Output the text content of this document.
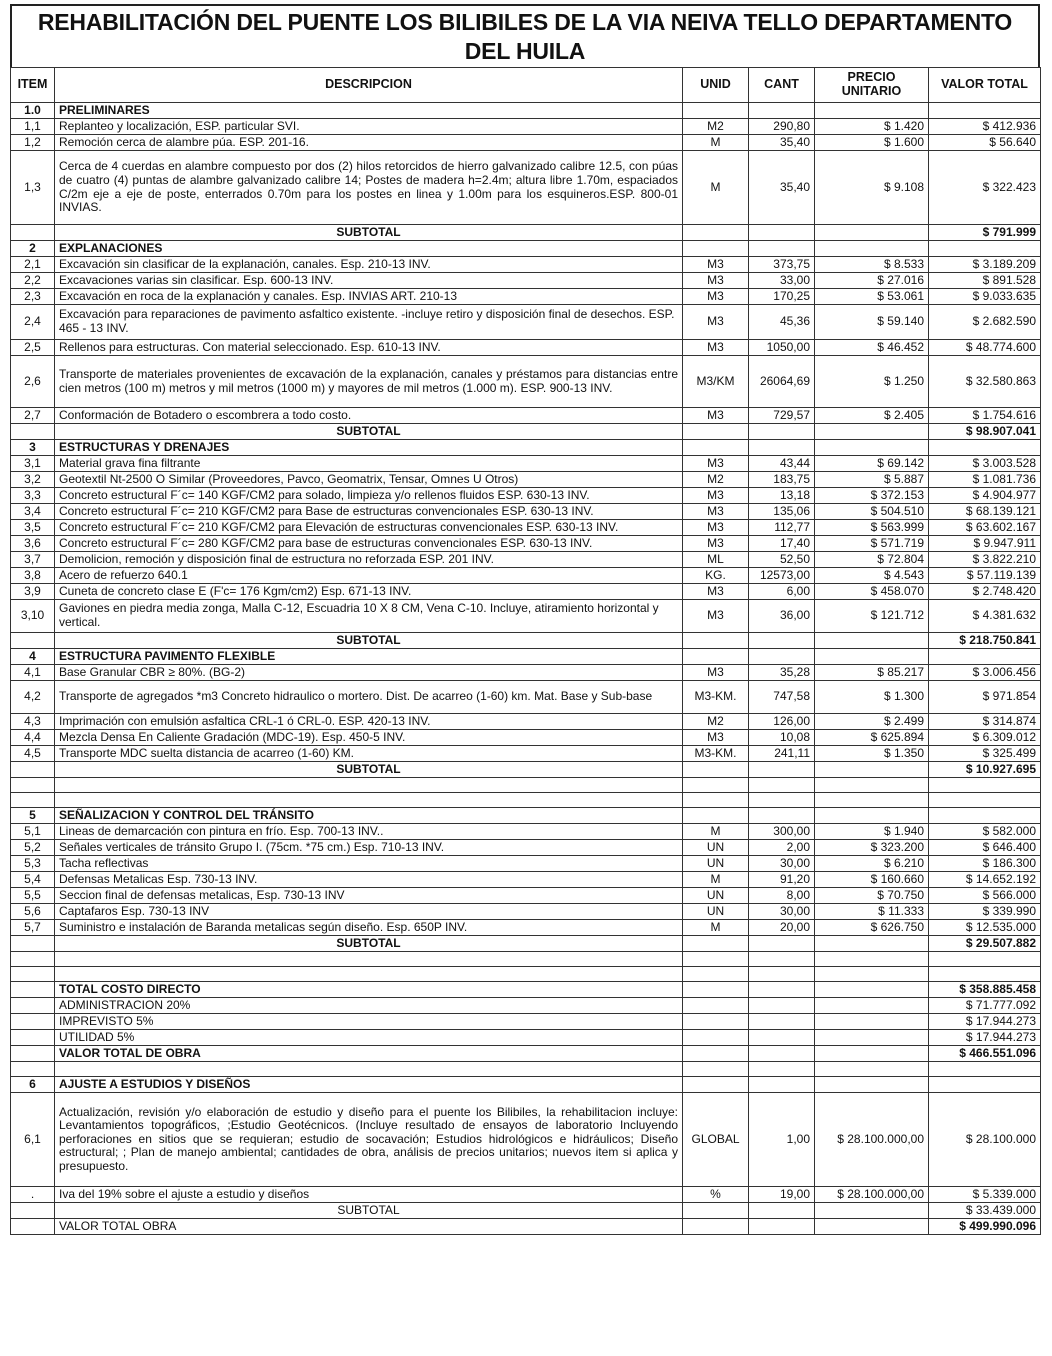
REHABILITACIÓN DEL PUENTE LOS BILIBILES DE LA VIA NEIVA TELLO DEPARTAMENTO DEL HUILA
ITEM	DESCRIPCION	UNID	CANT	PRECIO UNITARIO	VALOR TOTAL
1.0	PRELIMINARES				
1,1	Replanteo y localización, ESP. particular SVI.	M2	290,80	$ 1.420	$ 412.936
1,2	Remoción cerca de alambre púa. ESP. 201-16.	M	35,40	$ 1.600	$ 56.640
1,3	Cerca de 4 cuerdas en alambre compuesto por dos (2) hilos retorcidos de hierro galvanizado calibre 12.5, con púas de cuatro (4) puntas de alambre galvanizado calibre 14; Postes de madera h=2.4m; altura libre 1.70m, espaciados C/2m eje a eje de poste, enterrados 0.70m para los postes en linea y 1.00m para los esquineros.ESP. 800-01 INVIAS.	M	35,40	$ 9.108	$ 322.423
	SUBTOTAL				$ 791.999
2	EXPLANACIONES				
2,1	Excavación sin clasificar de la explanación, canales. Esp. 210-13 INV.	M3	373,75	$ 8.533	$ 3.189.209
2,2	Excavaciones varias sin clasificar. Esp. 600-13 INV.	M3	33,00	$ 27.016	$ 891.528
2,3	Excavación en roca de la explanación y canales. Esp. INVIAS ART. 210-13	M3	170,25	$ 53.061	$ 9.033.635
2,4	Excavación para reparaciones de pavimento asfaltico existente. -incluye retiro y disposición final de desechos. ESP. 465 - 13 INV.	M3	45,36	$ 59.140	$ 2.682.590
2,5	Rellenos para estructuras. Con material seleccionado. Esp. 610-13 INV.	M3	1050,00	$ 46.452	$ 48.774.600
2,6	Transporte de materiales provenientes de excavación de la explanación, canales y préstamos para distancias entre cien metros (100 m) metros y mil metros (1000 m) y mayores de mil metros (1.000 m). ESP. 900-13 INV.	M3/KM	26064,69	$ 1.250	$ 32.580.863
2,7	Conformación de Botadero o escombrera a todo costo.	M3	729,57	$ 2.405	$ 1.754.616
	SUBTOTAL				$ 98.907.041
3	ESTRUCTURAS Y DRENAJES				
3,1	Material grava fina filtrante	M3	43,44	$ 69.142	$ 3.003.528
3,2	Geotextil Nt-2500 O Similar (Proveedores, Pavco, Geomatrix, Tensar, Omnes U Otros)	M2	183,75	$ 5.887	$ 1.081.736
3,3	Concreto estructural F´c= 140 KGF/CM2 para solado, limpieza y/o rellenos fluidos ESP. 630-13 INV.	M3	13,18	$ 372.153	$ 4.904.977
3,4	Concreto estructural F´c= 210 KGF/CM2 para Base de estructuras convencionales ESP. 630-13 INV.	M3	135,06	$ 504.510	$ 68.139.121
3,5	Concreto estructural F´c= 210 KGF/CM2 para Elevación de estructuras convencionales ESP. 630-13 INV.	M3	112,77	$ 563.999	$ 63.602.167
3,6	Concreto estructural F´c= 280 KGF/CM2 para base de estructuras convencionales ESP. 630-13 INV.	M3	17,40	$ 571.719	$ 9.947.911
3,7	Demolicion, remoción y disposición final de estructura no reforzada ESP. 201 INV.	ML	52,50	$ 72.804	$ 3.822.210
3,8	Acero de refuerzo 640.1	KG.	12573,00	$ 4.543	$ 57.119.139
3,9	Cuneta de concreto clase E (F'c= 176 Kgm/cm2) Esp. 671-13 INV.	M3	6,00	$ 458.070	$ 2.748.420
3,10	Gaviones en piedra media zonga, Malla C-12, Escuadria 10 X 8 CM, Vena C-10. Incluye, atiramiento horizontal y vertical.	M3	36,00	$ 121.712	$ 4.381.632
	SUBTOTAL				$ 218.750.841
4	ESTRUCTURA PAVIMENTO FLEXIBLE				
4,1	Base Granular CBR ≥ 80%. (BG-2)	M3	35,28	$ 85.217	$ 3.006.456
4,2	Transporte de agregados *m3 Concreto hidraulico o mortero. Dist. De acarreo (1-60) km. Mat. Base y Sub-base	M3-KM.	747,58	$ 1.300	$ 971.854
4,3	Imprimación con emulsión asfaltica CRL-1 ó CRL-0. ESP. 420-13 INV.	M2	126,00	$ 2.499	$ 314.874
4,4	Mezcla Densa En Caliente Gradación (MDC-19). Esp. 450-5 INV.	M3	10,08	$ 625.894	$ 6.309.012
4,5	Transporte MDC suelta distancia de acarreo (1-60) KM.	M3-KM.	241,11	$ 1.350	$ 325.499
	SUBTOTAL				$ 10.927.695

5	SEÑALIZACION Y CONTROL DEL TRÁNSITO				
5,1	Lineas de demarcación con pintura en frío. Esp. 700-13 INV..	M	300,00	$ 1.940	$ 582.000
5,2	Señales verticales de tránsito Grupo I. (75cm. *75 cm.) Esp. 710-13 INV.	UN	2,00	$ 323.200	$ 646.400
5,3	Tacha reflectivas	UN	30,00	$ 6.210	$ 186.300
5,4	Defensas Metalicas Esp. 730-13 INV.	M	91,20	$ 160.660	$ 14.652.192
5,5	Seccion final de defensas metalicas, Esp. 730-13 INV	UN	8,00	$ 70.750	$ 566.000
5,6	Captafaros Esp. 730-13 INV	UN	30,00	$ 11.333	$ 339.990
5,7	Suministro e instalación de Baranda metalicas según diseño. Esp. 650P INV.	M	20,00	$ 626.750	$ 12.535.000
	SUBTOTAL				$ 29.507.882

	TOTAL COSTO DIRECTO				$ 358.885.458
	ADMINISTRACION 20%				$ 71.777.092
	IMPREVISTO 5%				$ 17.944.273
	UTILIDAD 5%				$ 17.944.273
	VALOR TOTAL DE OBRA				$ 466.551.096

6	AJUSTE A ESTUDIOS Y DISEÑOS				
6,1	Actualización, revisión y/o elaboración de estudio y diseño para el puente los Bilibiles, la rehabilitacion incluye: Levantamientos topográficos, ;Estudio Geotécnicos. (Incluye resultado de ensayos de laboratorio Incluyendo perforaciones en sitios que se requieran; estudio de socavación; Estudios hidrológicos e hidráulicos; Diseño estructural; ; Plan de manejo ambiental; cantidades de obra, análisis de precios unitarios; nuevos item si aplica y presupuesto.	GLOBAL	1,00	$ 28.100.000,00	$ 28.100.000
.	Iva del 19% sobre el ajuste a estudio y diseños	%	19,00	$ 28.100.000,00	$ 5.339.000
	SUBTOTAL				$ 33.439.000
	VALOR TOTAL OBRA				$ 499.990.096
